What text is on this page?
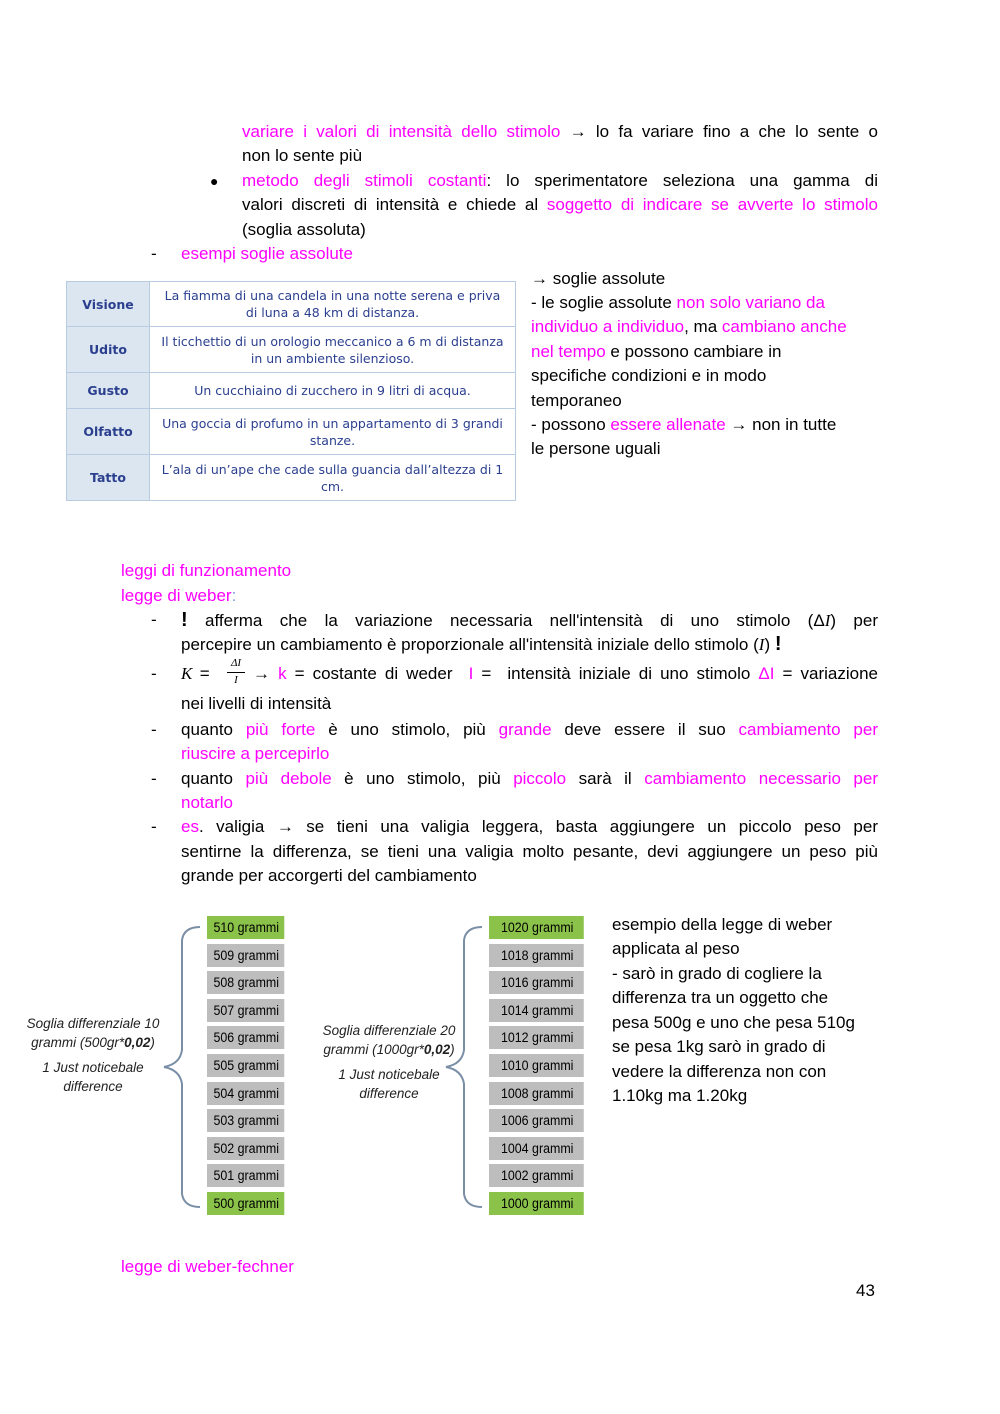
variare i valori di intensità dello stimolo → lo fa variare fino a che lo sente o
non lo sente più
● metodo degli stimoli costanti: lo sperimentatore seleziona una gamma di
valori discreti di intensità e chiede al soggetto di indicare se avverte lo stimolo
(soglia assoluta)
- esempi soglie assolute
Visione	La fiamma di una candela in una notte serena e priva di luna a 48 km di distanza.
Udito	Il ticchettio di un orologio meccanico a 6 m di distanza in un ambiente silenzioso.
Gusto	Un cucchiaino di zucchero in 9 litri di acqua.
Olfatto	Una goccia di profumo in un appartamento di 3 grandi stanze.
Tatto	L’ala di un’ape che cade sulla guancia dall’altezza di 1 cm.
→ soglie assolute
- le soglie assolute non solo variano da
individuo a individuo, ma cambiano anche
nel tempo e possono cambiare in
specifiche condizioni e in modo
temporaneo
- possono essere allenate → non in tutte
le persone uguali
leggi di funzionamento
legge di weber:
- ! afferma che la variazione necessaria nell'intensità di uno stimolo (ΔI) per
percepire un cambiamento è proporzionale all'intensità iniziale dello stimolo (I) !
- K =
ΔI
I → k = costante di weder  I =  intensità iniziale di uno stimolo ΔI = variazione
nei livelli di intensità
- quanto più forte è uno stimolo, più grande deve essere il suo cambiamento per
riuscire a percepirlo
- quanto più debole è uno stimolo, più piccolo sarà il cambiamento necessario per
notarlo
- es. valigia → se tieni una valigia leggera, basta aggiungere un piccolo peso per
sentirne la differenza, se tieni una valigia molto pesante, devi aggiungere un peso più
grande per accorgerti del cambiamento
Soglia differenziale 10
grammi (500gr*0,02)
1 Just noticebale
difference
510 grammi
509 grammi
508 grammi
507 grammi
506 grammi
505 grammi
504 grammi
503 grammi
502 grammi
501 grammi
500 grammi
Soglia differenziale 20
grammi (1000gr*0,02)
1 Just noticebale
difference
1020 grammi
1018 grammi
1016 grammi
1014 grammi
1012 grammi
1010 grammi
1008 grammi
1006 grammi
1004 grammi
1002 grammi
1000 grammi
esempio della legge di weber
applicata al peso
- sarò in grado di cogliere la
differenza tra un oggetto che
pesa 500g e uno che pesa 510g
se pesa 1kg sarò in grado di
vedere la differenza non con
1.10kg ma 1.20kg
legge di weber-fechner
43
